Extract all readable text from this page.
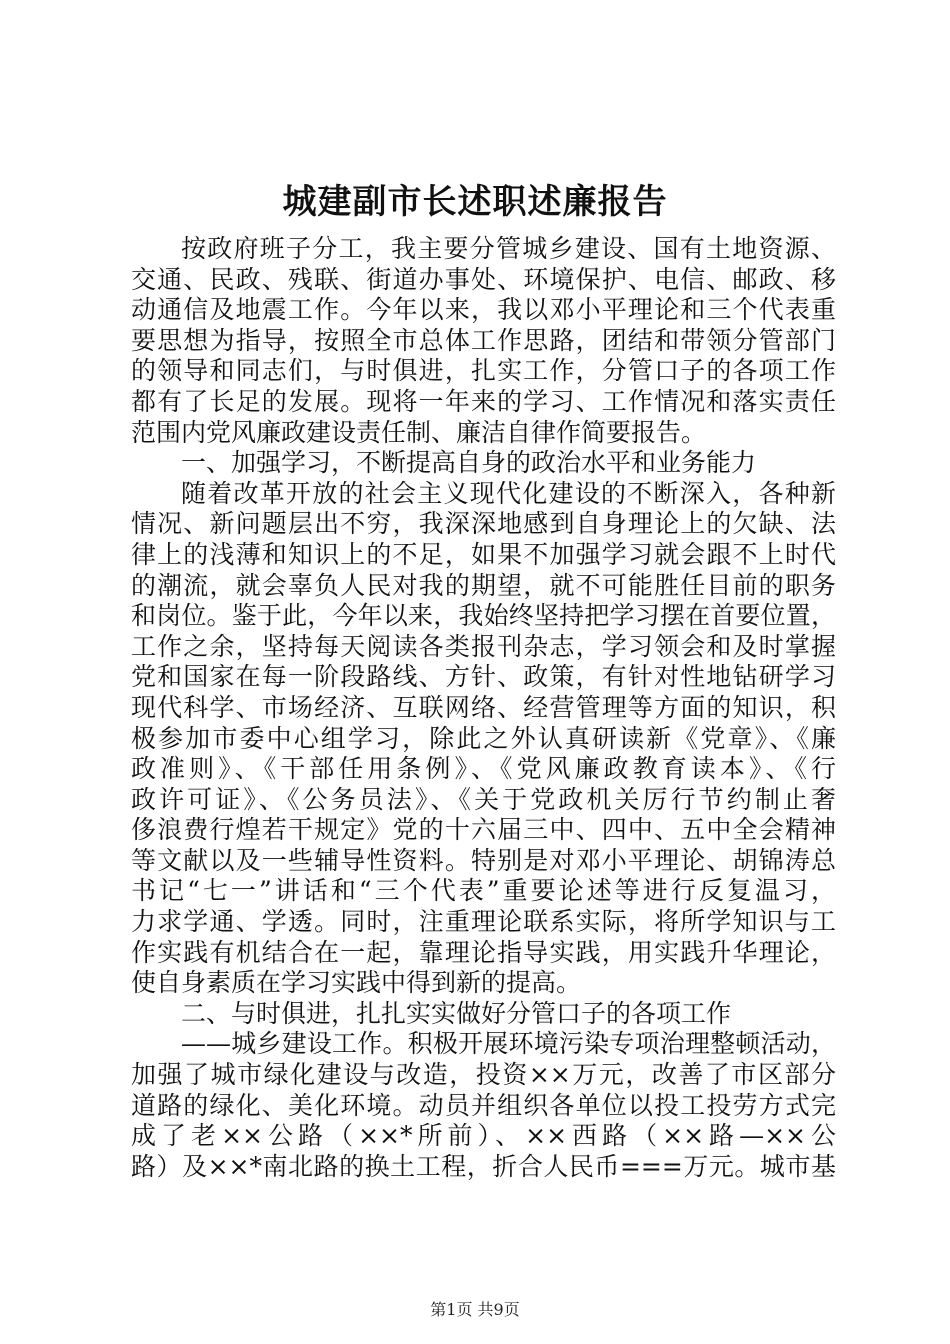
城建副市长述职述廉报告
按政府班子分工，我主要分管城乡建设、国有土地资源、
交通、民政、残联、街道办事处、环境保护、电信、邮政、移
动通信及地震工作。今年以来，我以邓小平理论和三个代表重
要思想为指导，按照全市总体工作思路，团结和带领分管部门
的领导和同志们，与时俱进，扎实工作，分管口子的各项工作
都有了长足的发展。现将一年来的学习、工作情况和落实责任
范围内党风廉政建设责任制、廉洁自律作简要报告。
一、加强学习，不断提高自身的政治水平和业务能力
随着改革开放的社会主义现代化建设的不断深入，各种新
情况、新问题层出不穷，我深深地感到自身理论上的欠缺、法
律上的浅薄和知识上的不足，如果不加强学习就会跟不上时代
的潮流，就会辜负人民对我的期望，就不可能胜任目前的职务
和岗位。鉴于此，今年以来，我始终坚持把学习摆在首要位置，
工作之余，坚持每天阅读各类报刊杂志，学习领会和及时掌握
党和国家在每一阶段路线、方针、政策，有针对性地钻研学习
现代科学、市场经济、互联网络、经营管理等方面的知识，积
极参加市委中心组学习，除此之外认真研读新《党章》、《廉
政准则》、《干部任用条例》、《党风廉政教育读本》、《行
政许可证》、《公务员法》、《关于党政机关厉行节约制止奢
侈浪费行煌若干规定》党的十六届三中、四中、五中全会精神
等文献以及一些辅导性资料。特别是对邓小平理论、胡锦涛总
书记“七一”讲话和“三个代表”重要论述等进行反复温习，
力求学通、学透。同时，注重理论联系实际，将所学知识与工
作实践有机结合在一起，靠理论指导实践，用实践升华理论，
使自身素质在学习实践中得到新的提高。
二、与时俱进，扎扎实实做好分管口子的各项工作
——城乡建设工作。积极开展环境污染专项治理整顿活动，
加强了城市绿化建设与改造，投资××万元，改善了市区部分
道路的绿化、美化环境。动员并组织各单位以投工投劳方式完
成了老××公路（××*所前）、××西路（××路—××公
路）及××*南北路的换土工程，折合人民币===万元。城市基
第1页 共9页
